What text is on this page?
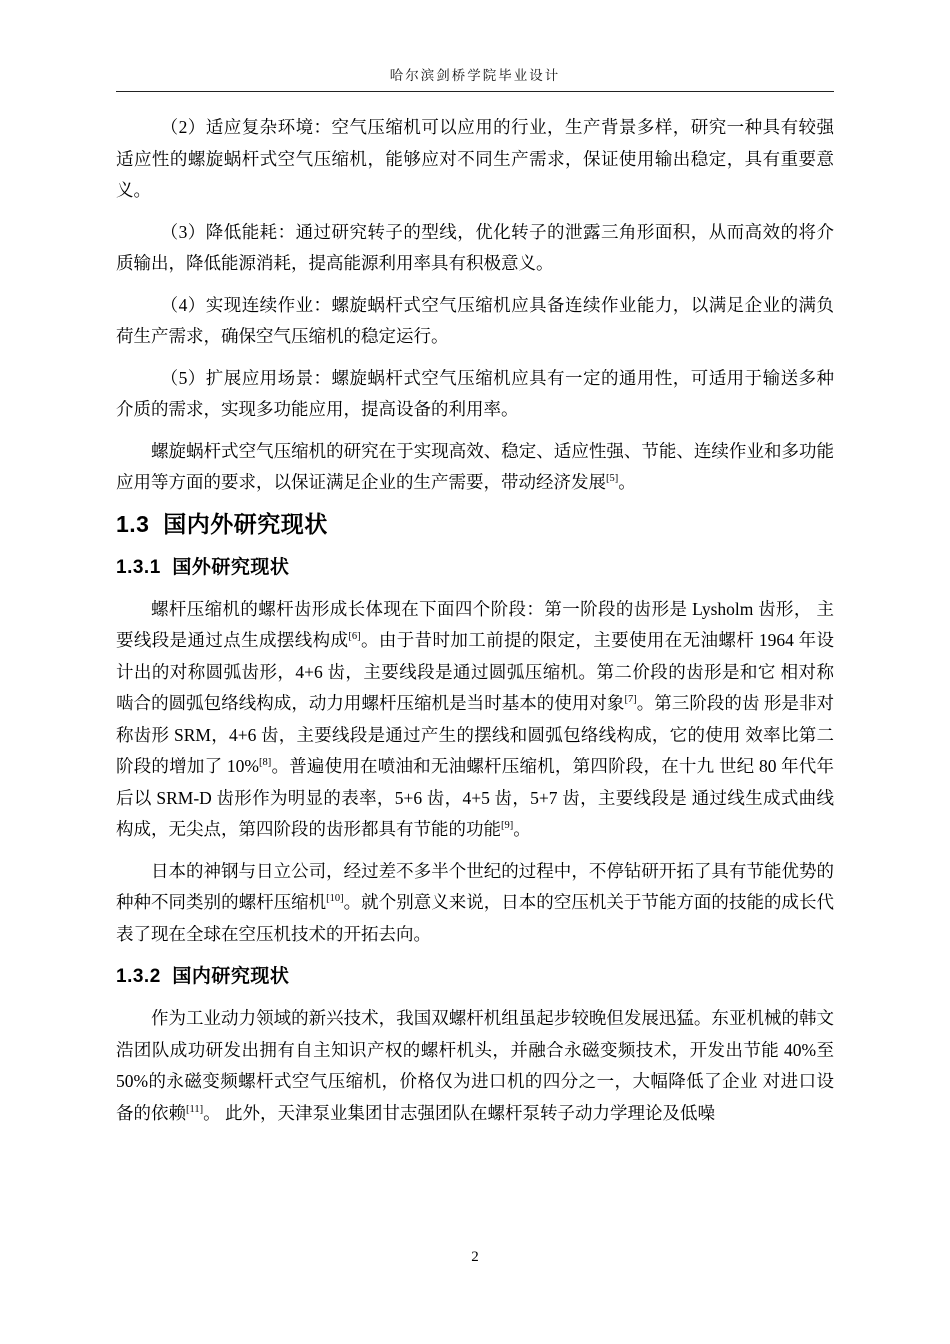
哈尔滨剑桥学院毕业设计

（2）适应复杂环境：空气压缩机可以应用的行业，生产背景多样，研究一种具有较强适应性的螺旋蜗杆式空气压缩机，能够应对不同生产需求，保证使用输出稳定，具有重要意义。

（3）降低能耗：通过研究转子的型线，优化转子的泄露三角形面积，从而高效的将介质输出，降低能源消耗，提高能源利用率具有积极意义。

（4）实现连续作业：螺旋蜗杆式空气压缩机应具备连续作业能力，以满足企业的满负荷生产需求，确保空气压缩机的稳定运行。

（5）扩展应用场景：螺旋蜗杆式空气压缩机应具有一定的通用性，可适用于输送多种介质的需求，实现多功能应用，提高设备的利用率。

螺旋蜗杆式空气压缩机的研究在于实现高效、稳定、适应性强、节能、连续作业和多功能应用等方面的要求，以保证满足企业的生产需要，带动经济发展[5]。

1.3  国内外研究现状
1.3.1  国外研究现状

螺杆压缩机的螺杆齿形成长体现在下面四个阶段：第一阶段的齿形是 Lysholm 齿形， 主要线段是通过点生成摆线构成[6]。由于昔时加工前提的限定，主要使用在无油螺杆 1964 年设计出的对称圆弧齿形，4+6 齿，主要线段是通过圆弧压缩机。第二价段的齿形是和它 相对称啮合的圆弧包络线构成，动力用螺杆压缩机是当时基本的使用对象[7]。第三阶段的齿 形是非对称齿形 SRM，4+6 齿，主要线段是通过产生的摆线和圆弧包络线构成，它的使用 效率比第二阶段的增加了 10%[8]。普遍使用在喷油和无油螺杆压缩机，第四阶段，在十九 世纪 80 年代年后以 SRM-D 齿形作为明显的表率，5+6 齿，4+5 齿，5+7 齿，主要线段是 通过线生成式曲线构成，无尖点，第四阶段的齿形都具有节能的功能[9]。

日本的神钢与日立公司，经过差不多半个世纪的过程中，不停钻研开拓了具有节能优势的种种不同类别的螺杆压缩机[10]。就个别意义来说，日本的空压机关于节能方面的技能的成长代表了现在全球在空压机技术的开拓去向。

1.3.2  国内研究现状

作为工业动力领域的新兴技术，我国双螺杆机组虽起步较晚但发展迅猛。东亚机械的韩文浩团队成功研发出拥有自主知识产权的螺杆机头，并融合永磁变频技术，开发出节能 40%至 50%的永磁变频螺杆式空气压缩机，价格仅为进口机的四分之一，大幅降低了企业 对进口设备的依赖[11]。 此外，天津泵业集团甘志强团队在螺杆泵转子动力学理论及低噪

2
